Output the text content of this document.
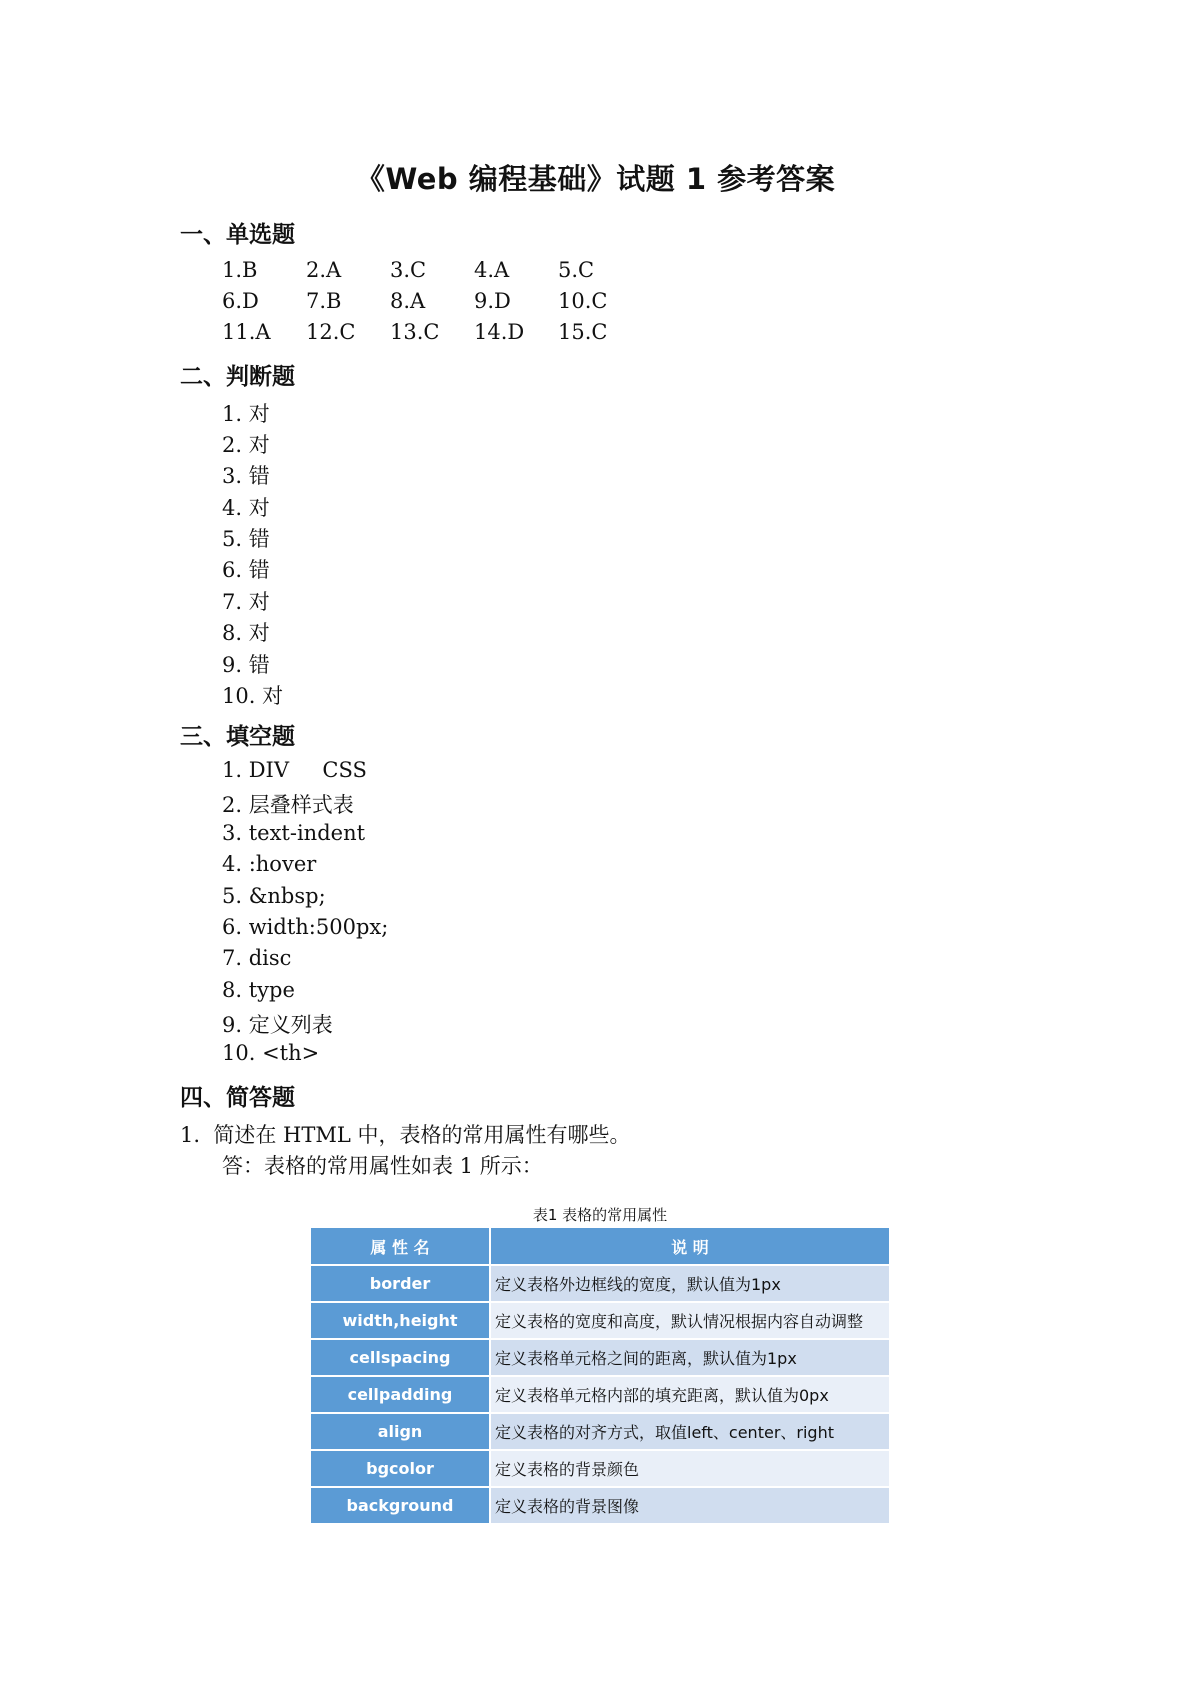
《Web 编程基础》试题 1 参考答案
一、单选题
1.B 2.A 3.C 4.A 5.C
6.D 7.B 8.A 9.D 10.C
11.A 12.C 13.C 14.D 15.C
二、判断题
1. 对
2. 对
3. 错
4. 对
5. 错
6. 错
7. 对
8. 对
9. 错
10. 对
三、填空题
1. DIV     CSS
2. 层叠样式表
3. text-indent
4. :hover
5. &nbsp;
6. width:500px;
7. disc
8. type
9. 定义列表
10. <th>
四、简答题
1.  简述在 HTML 中，表格的常用属性有哪些。
答：表格的常用属性如表 1 所示：
表1 表格的常用属性
属 性 名	说 明
border	定义表格外边框线的宽度，默认值为1px
width,height	定义表格的宽度和高度，默认情况根据内容自动调整
cellspacing	定义表格单元格之间的距离，默认值为1px
cellpadding	定义表格单元格内部的填充距离，默认值为0px
align	定义表格的对齐方式，取值left、center、right
bgcolor	定义表格的背景颜色
background	定义表格的背景图像
